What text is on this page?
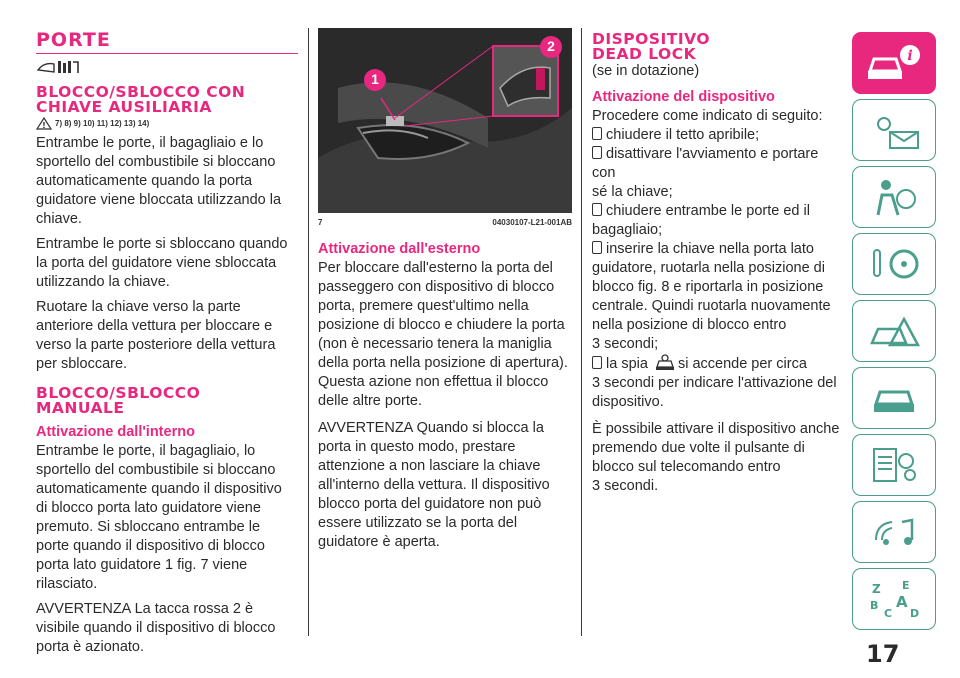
PORTE
BLOCCO/SBLOCCO CON
CHIAVE AUSILIARIA
! 7) 8) 9) 10) 11) 12) 13) 14)

Entrambe le porte, il bagagliaio e lo
sportello del combustibile si bloccano
automaticamente quando la porta
guidatore viene bloccata utilizzando la
chiave.

Entrambe le porte si sbloccano quando
la porta del guidatore viene sbloccata
utilizzando la chiave.

Ruotare la chiave verso la parte
anteriore della vettura per bloccare e
verso la parte posteriore della vettura
per sbloccare.

BLOCCO/SBLOCCO
MANUALE
Attivazione dall'interno

Entrambe le porte, il bagagliaio, lo
sportello del combustibile si bloccano
automaticamente quando il dispositivo
di blocco porta lato guidatore viene
premuto. Si sbloccano entrambe le
porte quando il dispositivo di blocco
porta lato guidatore 1 fig. 7 viene
rilasciato.

AVVERTENZA La tacca rossa 2 è
visibile quando il dispositivo di blocco
porta è azionato.

1
2
7	04030107-L21-001AB
Attivazione dall'esterno

Per bloccare dall'esterno la porta del
passeggero con dispositivo di blocco
porta, premere quest'ultimo nella
posizione di blocco e chiudere la porta
(non è necessario tenera la maniglia
della porta nella posizione di apertura).
Questa azione non effettua il blocco
delle altre porte.

AVVERTENZA Quando si blocca la
porta in questo modo, prestare
attenzione a non lasciare la chiave
all'interno della vettura. Il dispositivo
blocco porta del guidatore non può
essere utilizzato se la porta del
guidatore è aperta.

DISPOSITIVO
DEAD LOCK

(se in dotazione)

Attivazione del dispositivo

Procedere come indicato di seguito:

chiudere il tetto apribile;

disattivare l'avviamento e portare con
sé la chiave;

chiudere entrambe le porte ed il
bagagliaio;

inserire la chiave nella porta lato
guidatore, ruotarla nella posizione di
blocco fig. 8 e riportarla in posizione
centrale. Quindi ruotarla nuovamente
nella posizione di blocco entro
3 secondi;

la spia si accende per circa
3 secondi per indicare l'attivazione del
dispositivo.

È possibile attivare il dispositivo anche
premendo due volte il pulsante di
blocco sul telecomando entro
3 secondi.

i
Z E
B A
C D
17
